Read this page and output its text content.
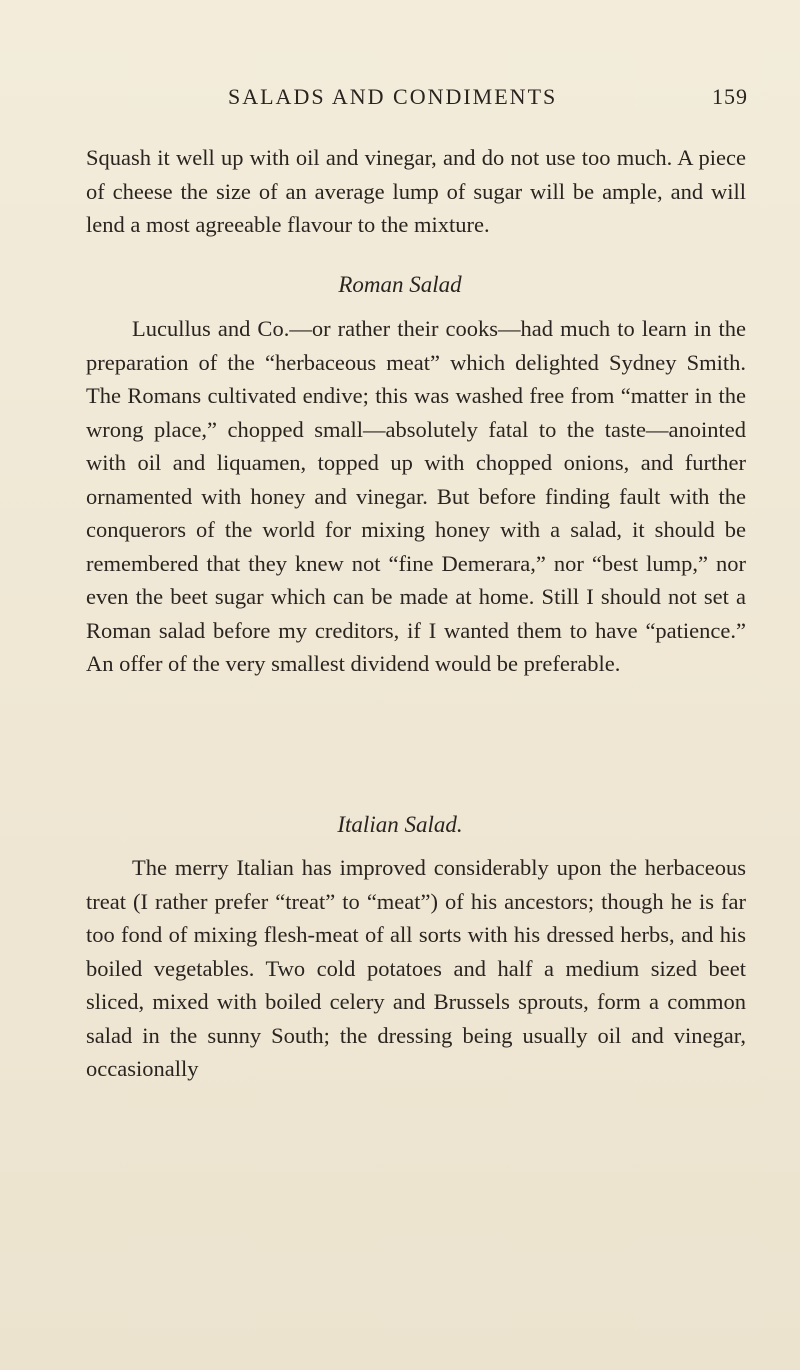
SALADS AND CONDIMENTS	159

Squash it well up with oil and vinegar, and do not use too much. A piece of cheese the size of an average lump of sugar will be ample, and will lend a most agreeable flavour to the mixture.

Roman Salad

Lucullus and Co.—or rather their cooks—had much to learn in the preparation of the “herbaceous meat” which delighted Sydney Smith. The Romans cultivated endive; this was washed free from “matter in the wrong place,” chopped small—absolutely fatal to the taste—anointed with oil and liquamen, topped up with chopped onions, and further ornamented with honey and vinegar. But before finding fault with the conquerors of the world for mixing honey with a salad, it should be remembered that they knew not “fine Demerara,” nor “best lump,” nor even the beet sugar which can be made at home. Still I should not set a Roman salad before my creditors, if I wanted them to have “patience.” An offer of the very smallest dividend would be preferable.

Italian Salad.

The merry Italian has improved considerably upon the herbaceous treat (I rather prefer “treat” to “meat”) of his ancestors; though he is far too fond of mixing flesh-meat of all sorts with his dressed herbs, and his boiled vegetables. Two cold potatoes and half a medium sized beet sliced, mixed with boiled celery and Brussels sprouts, form a common salad in the sunny South; the dressing being usually oil and vinegar, occasionally
